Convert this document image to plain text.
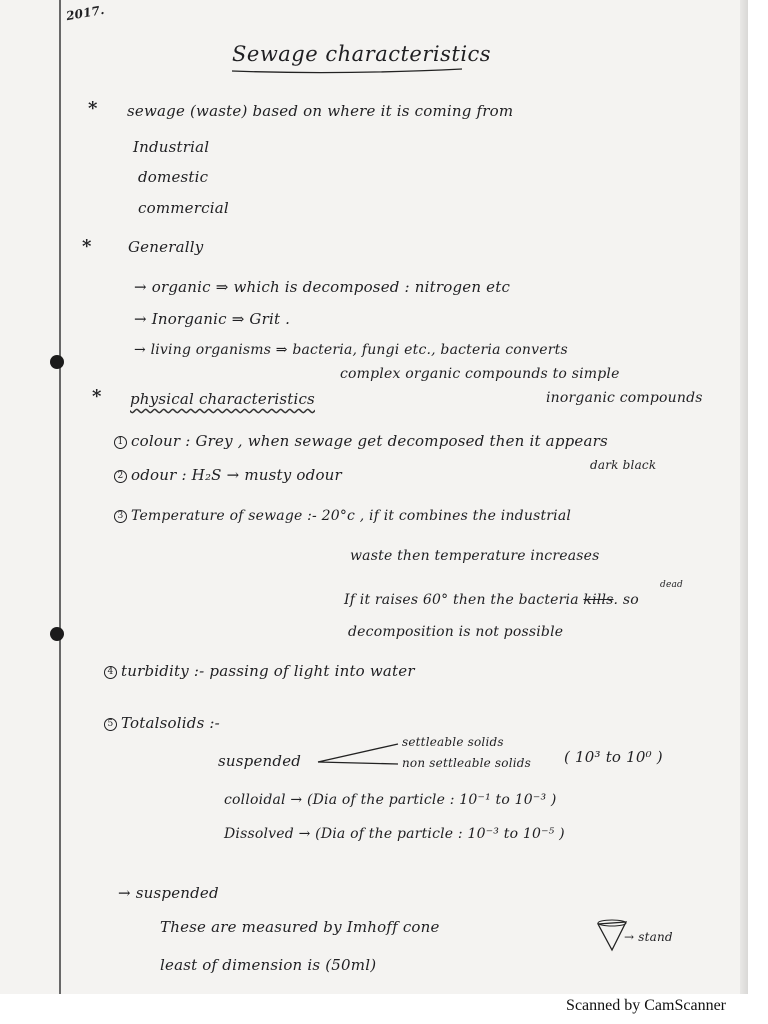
2017.
Sewage characteristics
* sewage (waste) based on where it is coming from
Industrial
domestic
commercial
* Generally
→ organic ⇒ which is decomposed : nitrogen etc
→ Inorganic ⇒ Grit .
→ living organisms ⇒ bacteria, fungi etc., bacteria converts
complex organic compounds to simple
inorganic compounds
* physical characteristics
1 colour : Grey , when sewage get decomposed then it appears
dark black
2 odour : H₂S → musty odour
3 Temperature of sewage :- 20°c , if it combines the industrial
waste then temperature increases
If it raises 60° then the bacteria kills. so
dead
decomposition is not possible
4 turbidity :- passing of light into water
5 Totalsolids :-
suspended
settleable solids
non settleable solids ( 10³ to 10⁰ )
colloidal → (Dia of the particle : 10⁻¹ to 10⁻³ )
Dissolved → (Dia of the particle : 10⁻³ to 10⁻⁵ )
→ suspended
These are measured by Imhoff cone
least of dimension is (50ml)
→ stand
Scanned by CamScanner
